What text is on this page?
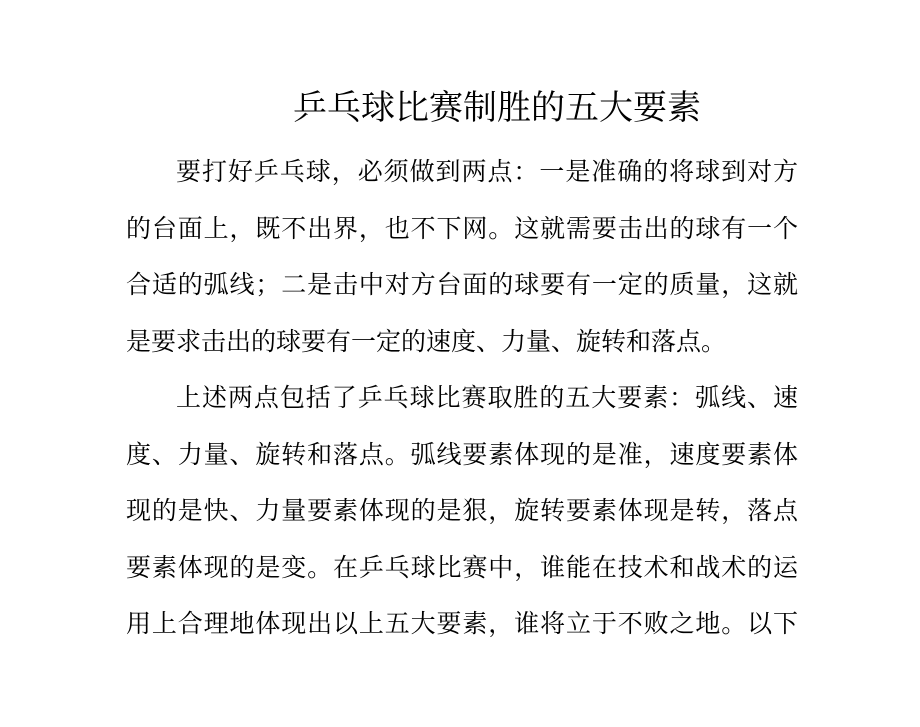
乒乓球比赛制胜的五大要素

要打好乒乓球，必须做到两点：一是准确的将球到对方
的台面上，既不出界，也不下网。这就需要击出的球有一个
合适的弧线；二是击中对方台面的球要有一定的质量，这就
是要求击出的球要有一定的速度、力量、旋转和落点。

上述两点包括了乒乓球比赛取胜的五大要素：弧线、速
度、力量、旋转和落点。弧线要素体现的是准，速度要素体
现的是快、力量要素体现的是狠，旋转要素体现是转，落点
要素体现的是变。在乒乓球比赛中，谁能在技术和战术的运
用上合理地体现出以上五大要素，谁将立于不败之地。以下
